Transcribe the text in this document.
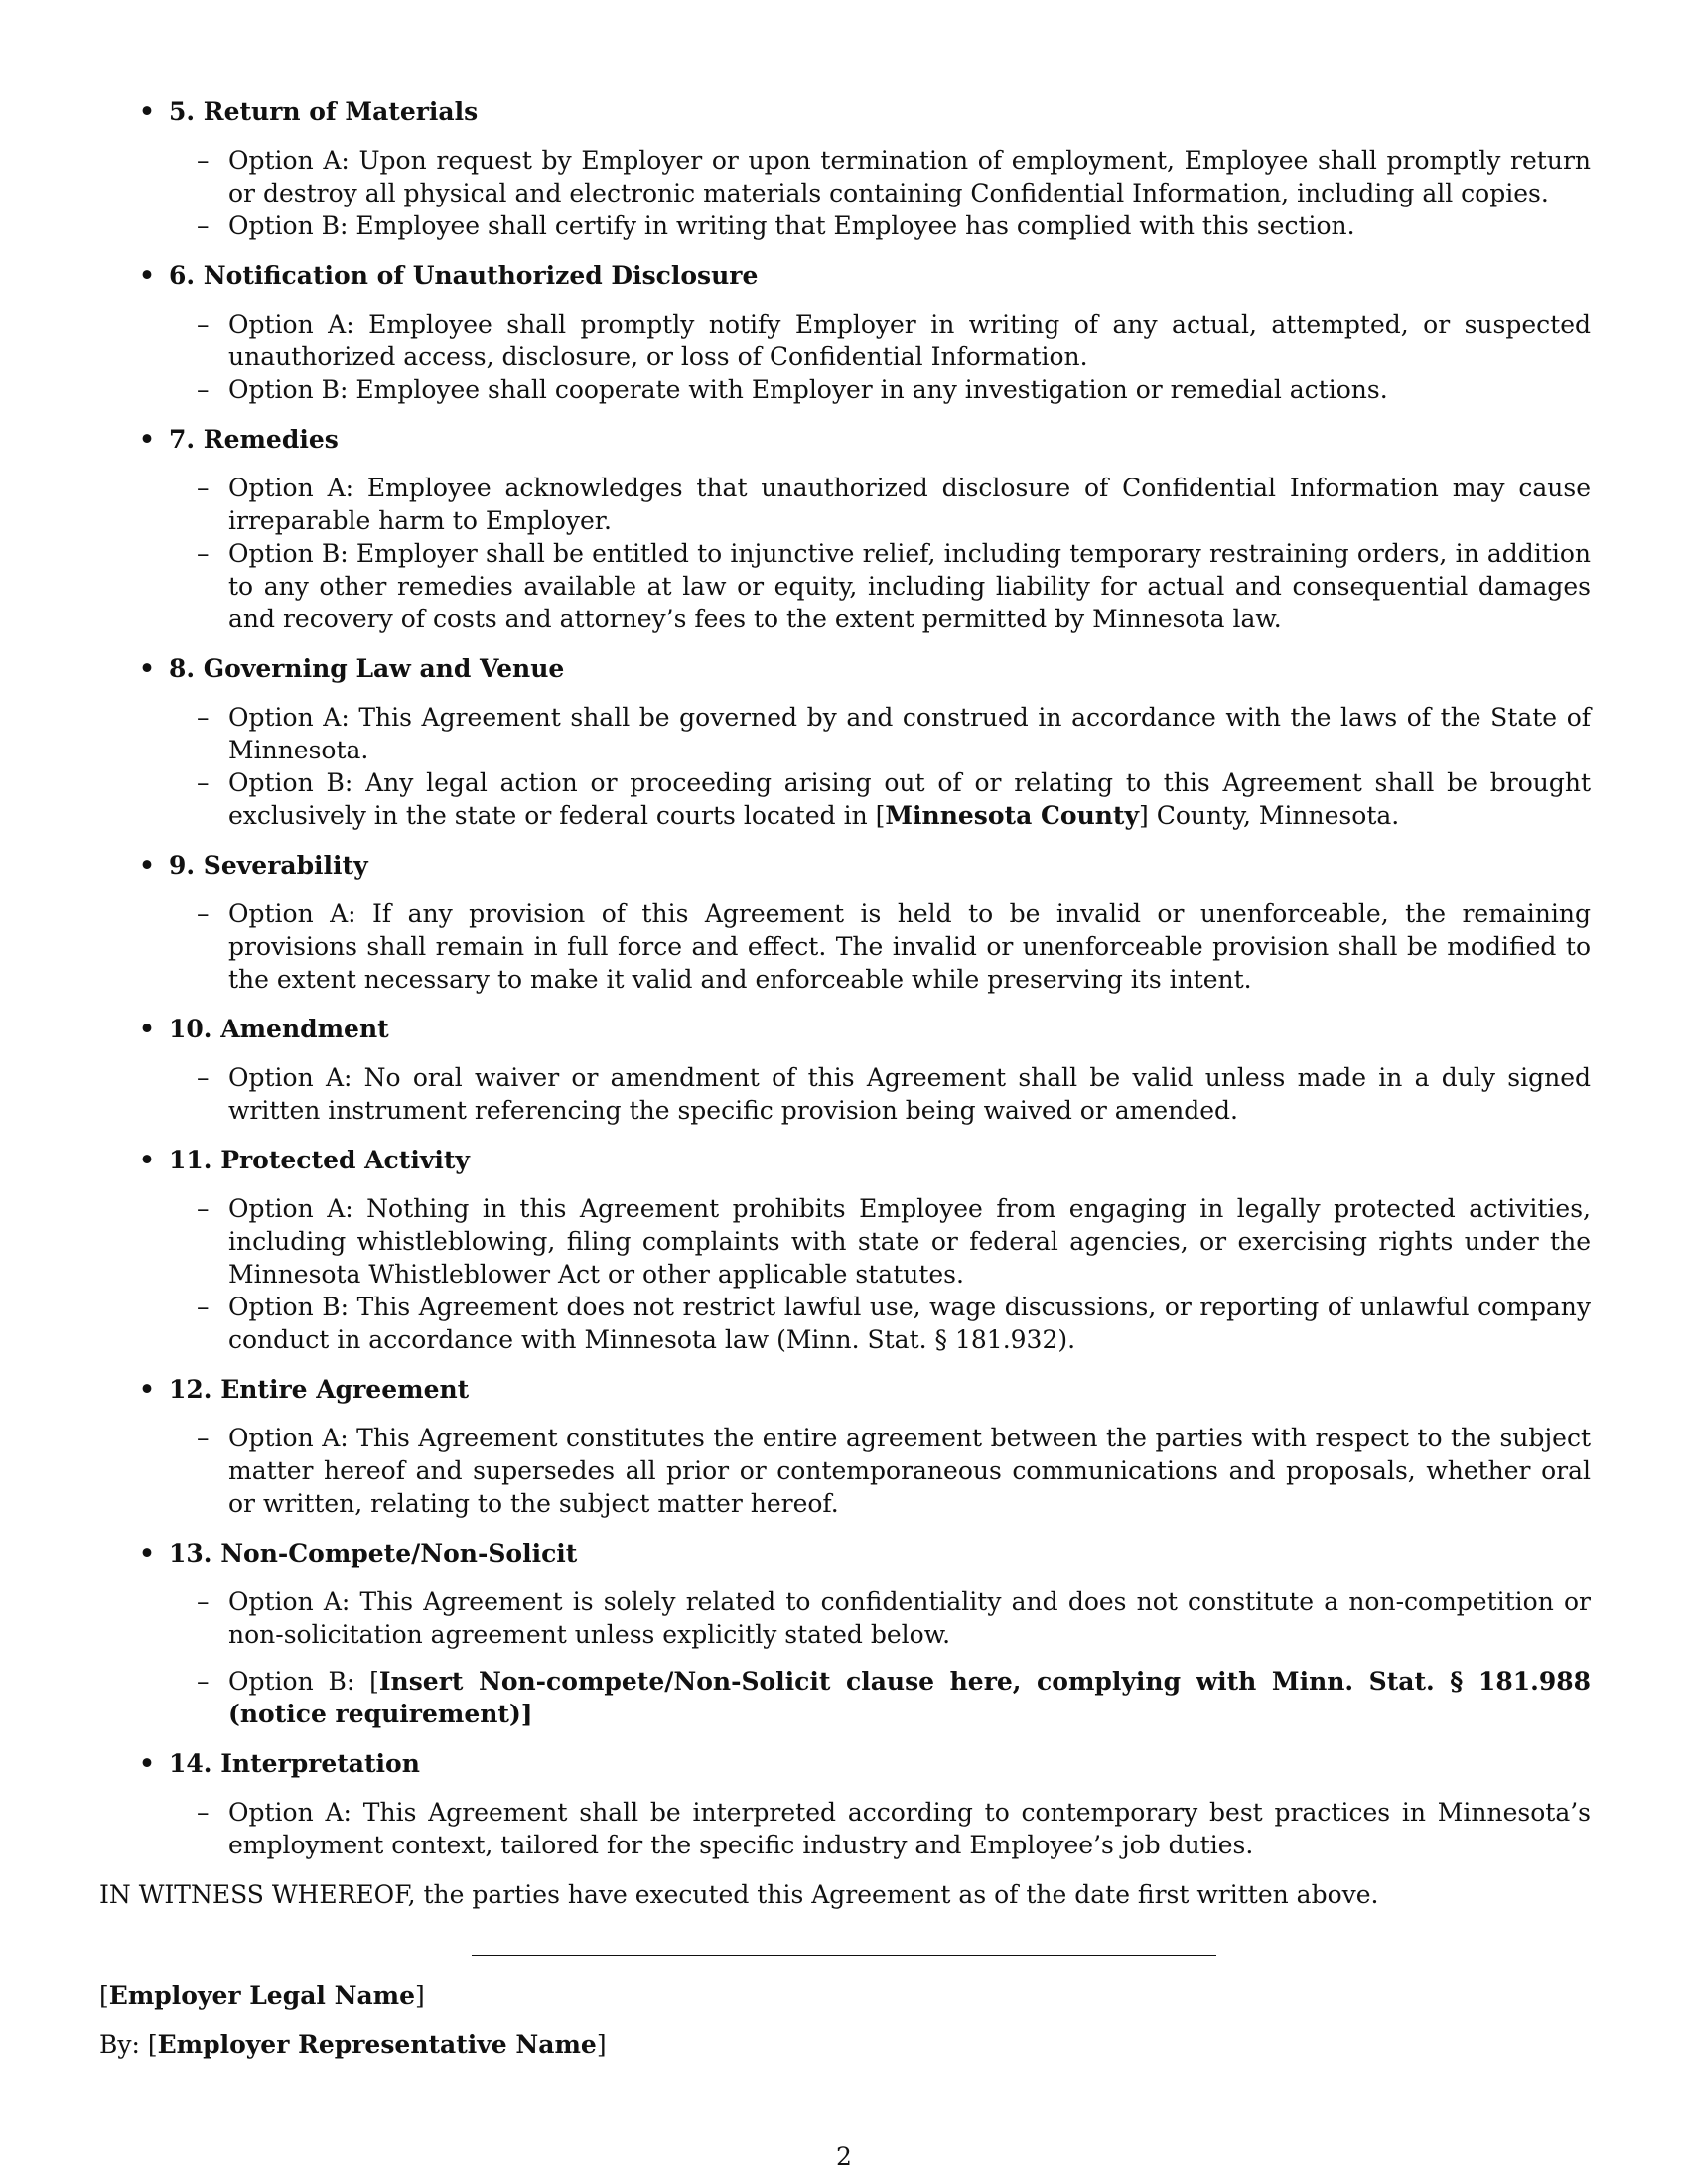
• 5. Return of Materials
– Option A: Upon request by Employer or upon termination of employment, Employee shall promptly return or destroy all physical and electronic materials containing Confidential Information, including all copies.
– Option B: Employee shall certify in writing that Employee has complied with this section.
• 6. Notification of Unauthorized Disclosure
– Option A: Employee shall promptly notify Employer in writing of any actual, attempted, or suspected unauthorized access, disclosure, or loss of Confidential Information.
– Option B: Employee shall cooperate with Employer in any investigation or remedial actions.
• 7. Remedies
– Option A: Employee acknowledges that unauthorized disclosure of Confidential Information may cause irreparable harm to Employer.
– Option B: Employer shall be entitled to injunctive relief, including temporary restraining orders, in addition to any other remedies available at law or equity, including liability for actual and consequential damages and recovery of costs and attorney’s fees to the extent permitted by Minnesota law.
• 8. Governing Law and Venue
– Option A: This Agreement shall be governed by and construed in accordance with the laws of the State of Minnesota.
– Option B: Any legal action or proceeding arising out of or relating to this Agreement shall be brought exclusively in the state or federal courts located in [Minnesota County] County, Minnesota.
• 9. Severability
– Option A: If any provision of this Agreement is held to be invalid or unenforceable, the remaining provisions shall remain in full force and effect. The invalid or unenforceable provision shall be modified to the extent necessary to make it valid and enforceable while preserving its intent.
• 10. Amendment
– Option A: No oral waiver or amendment of this Agreement shall be valid unless made in a duly signed written instrument referencing the specific provision being waived or amended.
• 11. Protected Activity
– Option A: Nothing in this Agreement prohibits Employee from engaging in legally protected activities, including whistleblowing, filing complaints with state or federal agencies, or exercising rights under the Minnesota Whistleblower Act or other applicable statutes.
– Option B: This Agreement does not restrict lawful use, wage discussions, or reporting of unlawful company conduct in accordance with Minnesota law (Minn. Stat. § 181.932).
• 12. Entire Agreement
– Option A: This Agreement constitutes the entire agreement between the parties with respect to the subject matter hereof and supersedes all prior or contemporaneous communications and proposals, whether oral or written, relating to the subject matter hereof.
• 13. Non-Compete/Non-Solicit
– Option A: This Agreement is solely related to confidentiality and does not constitute a non-competition or non-solicitation agreement unless explicitly stated below.
– Option B: [Insert Non-compete/Non-Solicit clause here, complying with Minn. Stat. § 181.988 (notice requirement)]
• 14. Interpretation
– Option A: This Agreement shall be interpreted according to contemporary best practices in Minnesota’s employment context, tailored for the specific industry and Employee’s job duties.
IN WITNESS WHEREOF, the parties have executed this Agreement as of the date first written above.
[Employer Legal Name]
By: [Employer Representative Name]
2
